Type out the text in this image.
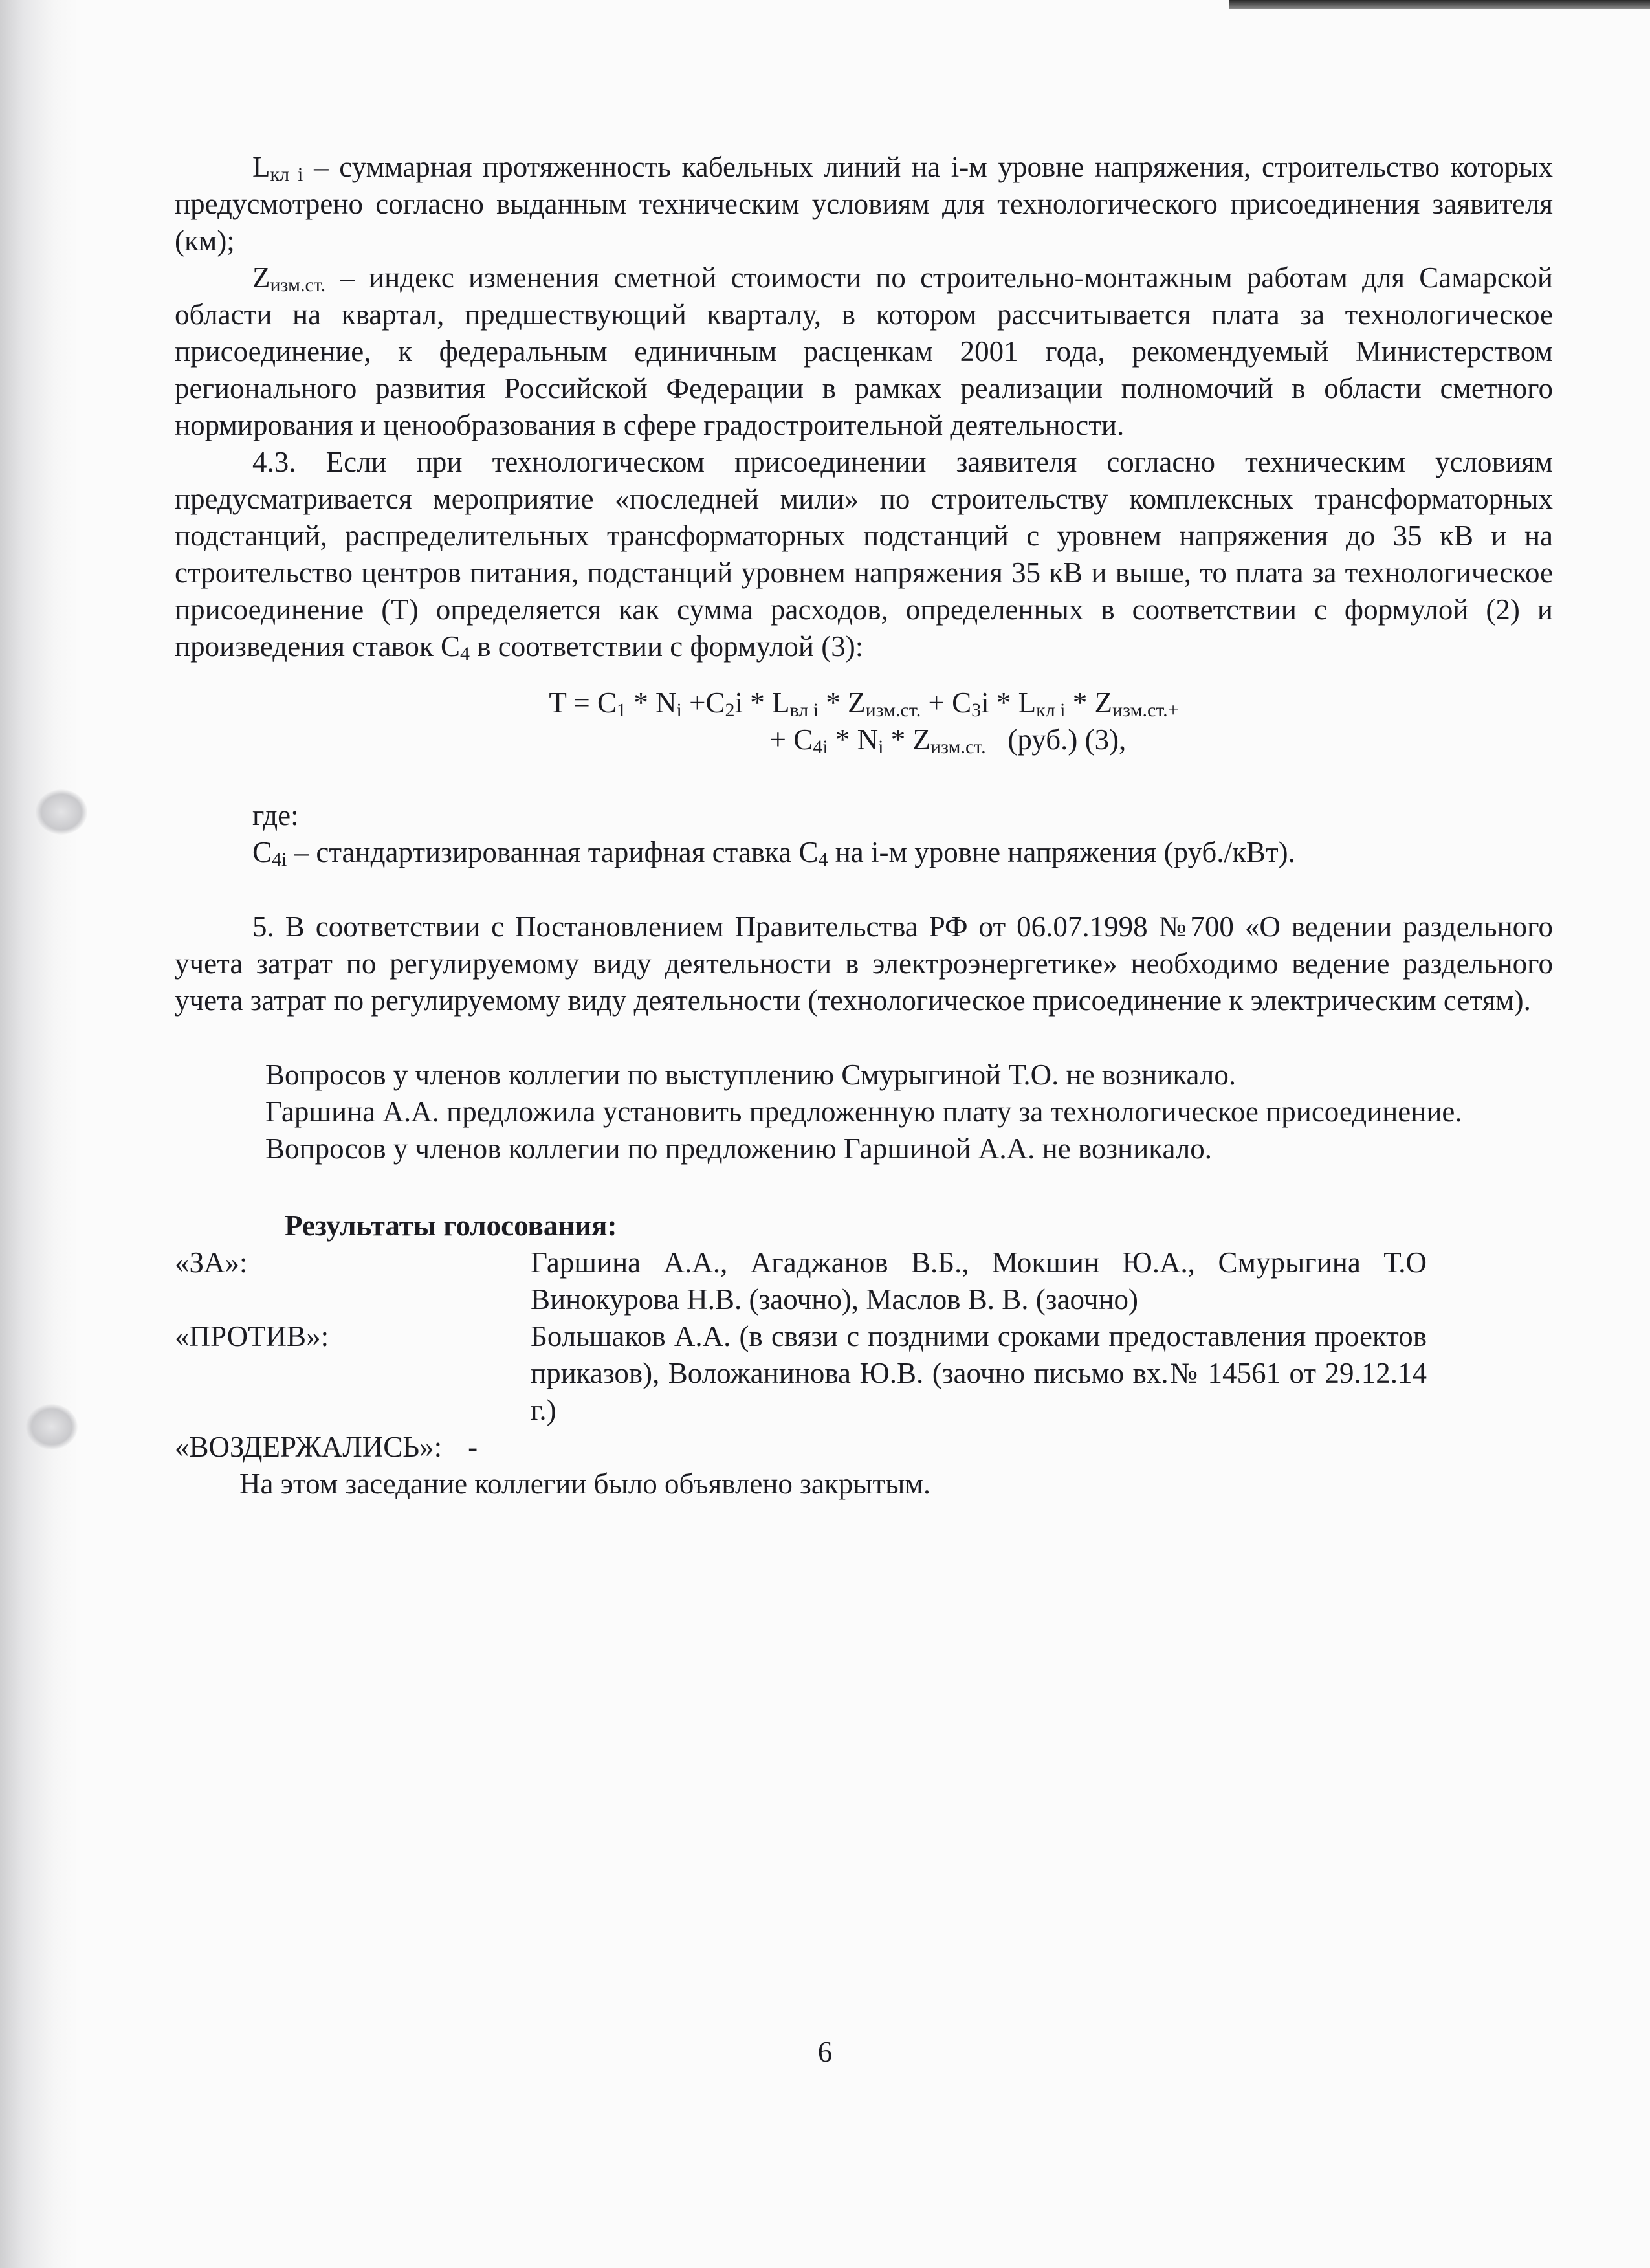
$L_{кл i}$ – суммарная протяженность кабельных линий на i-м уровне напряжения, строительство которых предусмотрено согласно выданным техническим условиям для технологического присоединения заявителя (км);

$Z_{изм.ст.}$ – индекс изменения сметной стоимости по строительно-монтажным работам для Самарской области на квартал, предшествующий кварталу, в котором рассчитывается плата за технологическое присоединение, к федеральным единичным расценкам 2001 года, рекомендуемый Министерством регионального развития Российской Федерации в рамках реализации полномочий в области сметного нормирования и ценообразования в сфере градостроительной деятельности.

4.3. Если при технологическом присоединении заявителя согласно техническим условиям предусматривается мероприятие «последней мили» по строительству комплексных трансформаторных подстанций, распределительных трансформаторных подстанций с уровнем напряжения до 35 кВ и на строительство центров питания, подстанций уровнем напряжения 35 кВ и выше, то плата за технологическое присоединение (Т) определяется как сумма расходов, определенных в соответствии с формулой (2) и произведения ставок $С_4$ в соответствии с формулой (3):

$T = C_1 * N_i +C_2i * L_{вл i} * Z_{изм.ст.} + C_3i * L_{кл i} * Z_{изм.ст.+}$
+ $C_{4i} * N_i * Z_{изм.ст.}$   (руб.) (3),

где:

$С_{4i}$ – стандартизированная тарифная ставка $С_4$ на i-м уровне напряжения (руб./кВт).

5. В соответствии с Постановлением Правительства РФ от 06.07.1998 №700 «О ведении раздельного учета затрат по регулируемому виду деятельности в электроэнергетике» необходимо ведение раздельного учета затрат по регулируемому виду деятельности (технологическое присоединение к электрическим сетям).

Вопросов у членов коллегии по выступлению Смурыгиной Т.О. не возникало.

Гаршина А.А. предложила установить предложенную плату за технологическое присоединение.

Вопросов у членов коллегии по предложению Гаршиной А.А. не возникало.

Результаты голосования:
«ЗА»:	Гаршина А.А., Агаджанов В.Б., Мокшин Ю.А., Смурыгина Т.О Винокурова Н.В. (заочно), Маслов В. В. (заочно)
«ПРОТИВ»:	Большаков А.А. (в связи с поздними сроками предоставления проектов приказов), Воложанинова Ю.В. (заочно письмо вх.№ 14561 от 29.12.14 г.)
«ВОЗДЕРЖАЛИСЬ»: -

На этом заседание коллегии было объявлено закрытым.

6
